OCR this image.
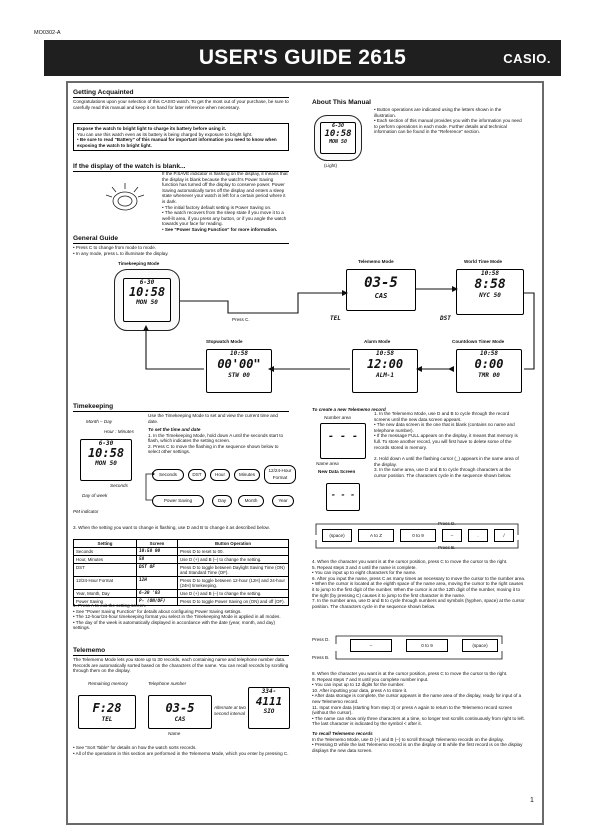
MO0302-A
USER'S GUIDE 2615	CASIO.
Getting Acquainted
Congratulations upon your selection of this CASIO watch. To get the most out of your purchase, be sure to carefully read this manual and keep it on hand for later reference when necessary.
Expose the watch to bright light to charge its battery before using it.
You can use this watch even as its battery is being charged by exposure to bright light.
• Be sure to read "Battery" of this manual for important information you need to know when exposing the watch to bright light.
If the display of the watch is blank...
If the P.SAVE indicator is flashing on the display, it means that the display is blank because the watch's Power Saving function has turned off the display to conserve power. Power Saving automatically turns off the display and enters a sleep state whenever your watch is left for a certain period where it is dark.
• The initial factory default setting is Power Saving on.
• The watch recovers from the sleep state if you move it to a well-lit area, if you press any button, or if you angle the watch towards your face for reading.
• See "Power Saving Function" for more information.
About This Manual
6-30
10:58
MON 50
(Light)
• Button operations are indicated using the letters shown in the illustration.
• Each section of this manual provides you with the information you need to perform operations in each mode. Further details and technical information can be found in the "Reference" section.
General Guide
• Press C to change from mode to mode.
• In any mode, press L to illuminate the display.
Timekeeping Mode
6-30
10:58
MON 50
Telememo Mode
03-5
CAS
TEL
World Time Mode
10:58
8:58
NYC 50
DST
Stopwatch Mode
10:58
00'00"
STW 00
Alarm Mode
10:58
12:00
ALM-1
Countdown Timer Mode
10:58
0:00
TMR 00
Press C.
Timekeeping
Use the Timekeeping Mode to set and view the current time and date.
To set the time and date
1. In the Timekeeping Mode, hold down A until the seconds start to flash, which indicates the setting screen.
2. Press C to move the flashing in the sequence shown below to select other settings.
Month – Day
Hour : Minutes
6-30
10:58
MON 50
Seconds
Day of week
PM indicator
Seconds	DST	Hour	Minutes
12/24-Hour Format
Year
Month
Day
Power Saving
3. When the setting you want to change is flashing, use D and B to change it as described below.
Setting	Screen	Button Operation
Seconds	10:58 00	Press D to reset to 00.
Hour, Minutes	58	Use D (+) and B (–) to change the setting.
DST	DST OF	Press D to toggle between Daylight Saving Time (ON) and Standard Time (OF).
12/24-Hour Format	12H	Press D to toggle between 12-hour (12H) and 24-hour (24H) timekeeping.
Year, Month, Day	6-30 '03	Use D (+) and B (–) to change the setting.
Power Saving	P- (ON/OF)	Press D to toggle Power Saving on (ON) and off (OF).
4. Press A to exit the setting screen.
• See "Power Saving Function" for details about configuring Power Saving settings.
• The 12-hour/24-hour timekeeping format you select in the Timekeeping Mode is applied in all modes.
• The day of the week is automatically displayed in accordance with the date (year, month, and day) settings.
Telememo
The Telememo Mode lets you store up to 30 records, each containing name and telephone number data. Records are automatically sorted based on the characters of the name. You can recall records by scrolling through them on the display.
Remaining memory	Telephone number
F:28
TEL
03-5
CAS
Name
Alternate at two second interval
334-
4111
SIO
• See "Sort Table" for details on how the watch sorts records.
• All of the operations in this section are performed in the Telememo Mode, which you enter by pressing C.
To create a new Telememo record
Number area
- - -
Name area
New Data Screen
- - -
1. In the Telememo Mode, use D and B to cycle through the record screens until the new data screen appears.
• The new data screen is the one that is blank (contains no name and telephone number).
• If the message FULL appears on the display, it means that memory is full. To store another record, you will first have to delete some of the records stored in memory.
2. Hold down A until the flashing cursor (_) appears in the name area of the display.
3. In the name area, use D and B to cycle through characters at the cursor position. The characters cycle in the sequence shown below.
Press D.
(space)	A to Z	0 to 9	–	.	/
Press B.
4. When the character you want is at the cursor position, press C to move the cursor to the right.
5. Repeat steps 3 and 4 until the name is complete.
• You can input up to eight characters for the name.
6. After you input the name, press C as many times as necessary to move the cursor to the number area.
• When the cursor is located at the eighth space of the name area, moving the cursor to the right causes it to jump to the first digit of the number. When the cursor is at the 12th digit of the number, moving it to the right (by pressing C) causes it to jump to the first character in the name.
7. In the number area, use D and B to cycle through numbers and symbols (hyphen, space) at the cursor position. The characters cycle in the sequence shown below.
Press D.
–	0 to 9	(space)
Press B.
8. When the character you want is at the cursor position, press C to move the cursor to the right.
9. Repeat steps 7 and 8 until you complete number input.
• You can input up to 12 digits for the number.
10. After inputting your data, press A to store it.
• After data storage is complete, the cursor appears in the name area of the display, ready for input of a new Telememo record.
11. Input more data (starting from step 3) or press A again to return to the Telememo record screen (without the cursor).
• The name can show only three characters at a time, so longer text scrolls continuously from right to left. The last character is indicated by the symbol < after it.
To recall Telememo records
In the Telememo Mode, use D (+) and B (–) to scroll through Telememo records on the display.
• Pressing D while the last Telememo record is on the display or B while the first record is on the display displays the new data screen.
1
